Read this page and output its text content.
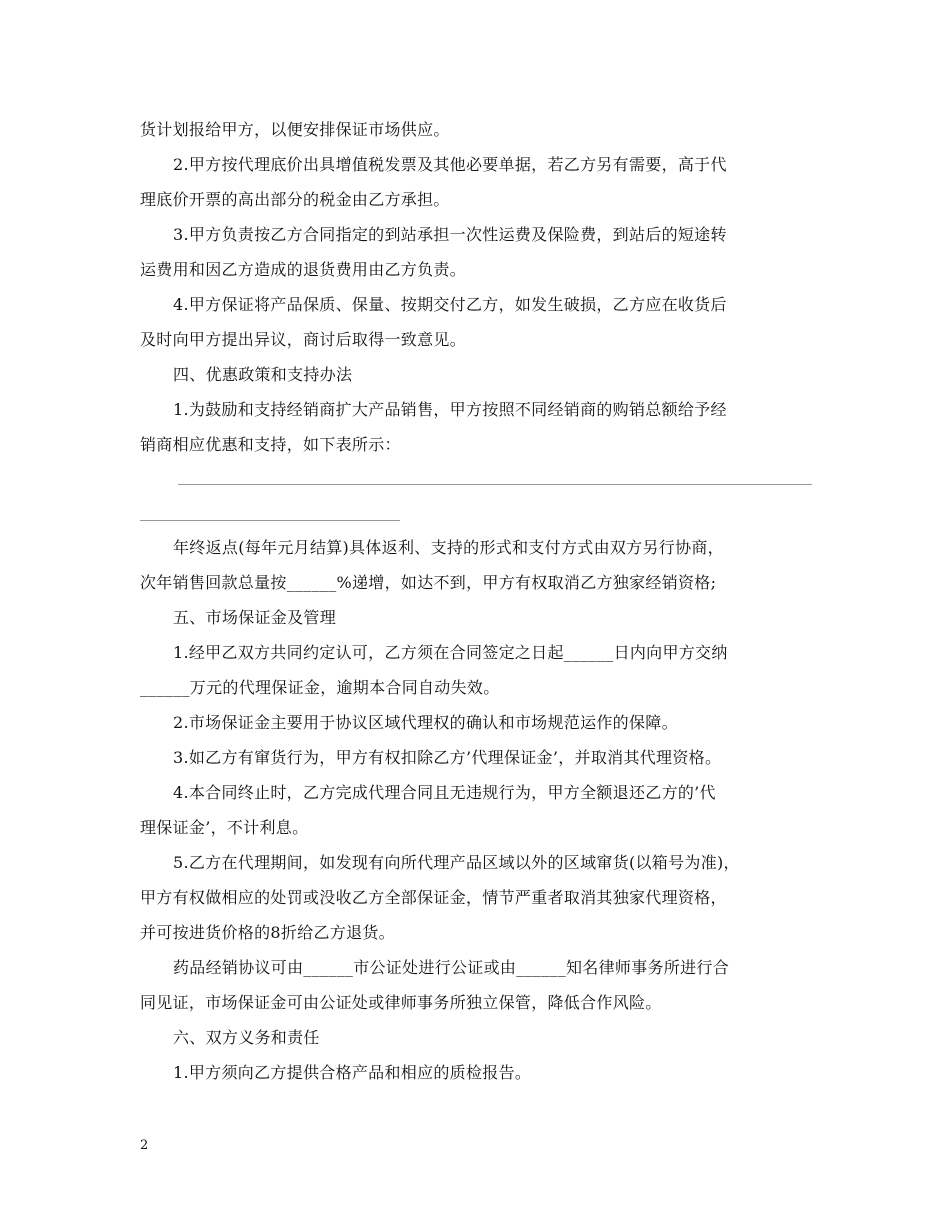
货计划报给甲方，以便安排保证市场供应。
2.甲方按代理底价出具增值税发票及其他必要单据，若乙方另有需要，高于代
理底价开票的高出部分的税金由乙方承担。
3.甲方负责按乙方合同指定的到站承担一次性运费及保险费，到站后的短途转
运费用和因乙方造成的退货费用由乙方负责。
4.甲方保证将产品保质、保量、按期交付乙方，如发生破损，乙方应在收货后
及时向甲方提出异议，商讨后取得一致意见。
四、优惠政策和支持办法
1.为鼓励和支持经销商扩大产品销售，甲方按照不同经销商的购销总额给予经
销商相应优惠和支持，如下表所示：
年终返点(每年元月结算)具体返利、支持的形式和支付方式由双方另行协商，
次年销售回款总量按______%递增，如达不到，甲方有权取消乙方独家经销资格;
五、市场保证金及管理
1.经甲乙双方共同约定认可，乙方须在合同签定之日起______日内向甲方交纳
______万元的代理保证金，逾期本合同自动失效。
2.市场保证金主要用于协议区域代理权的确认和市场规范运作的保障。
3.如乙方有窜货行为，甲方有权扣除乙方’代理保证金’，并取消其代理资格。
4.本合同终止时，乙方完成代理合同且无违规行为，甲方全额退还乙方的’代
理保证金’，不计利息。
5.乙方在代理期间，如发现有向所代理产品区域以外的区域窜货(以箱号为准)，
甲方有权做相应的处罚或没收乙方全部保证金，情节严重者取消其独家代理资格，
并可按进货价格的8折给乙方退货。
药品经销协议可由______市公证处进行公证或由______知名律师事务所进行合
同见证，市场保证金可由公证处或律师事务所独立保管，降低合作风险。
六、双方义务和责任
1.甲方须向乙方提供合格产品和相应的质检报告。
2
